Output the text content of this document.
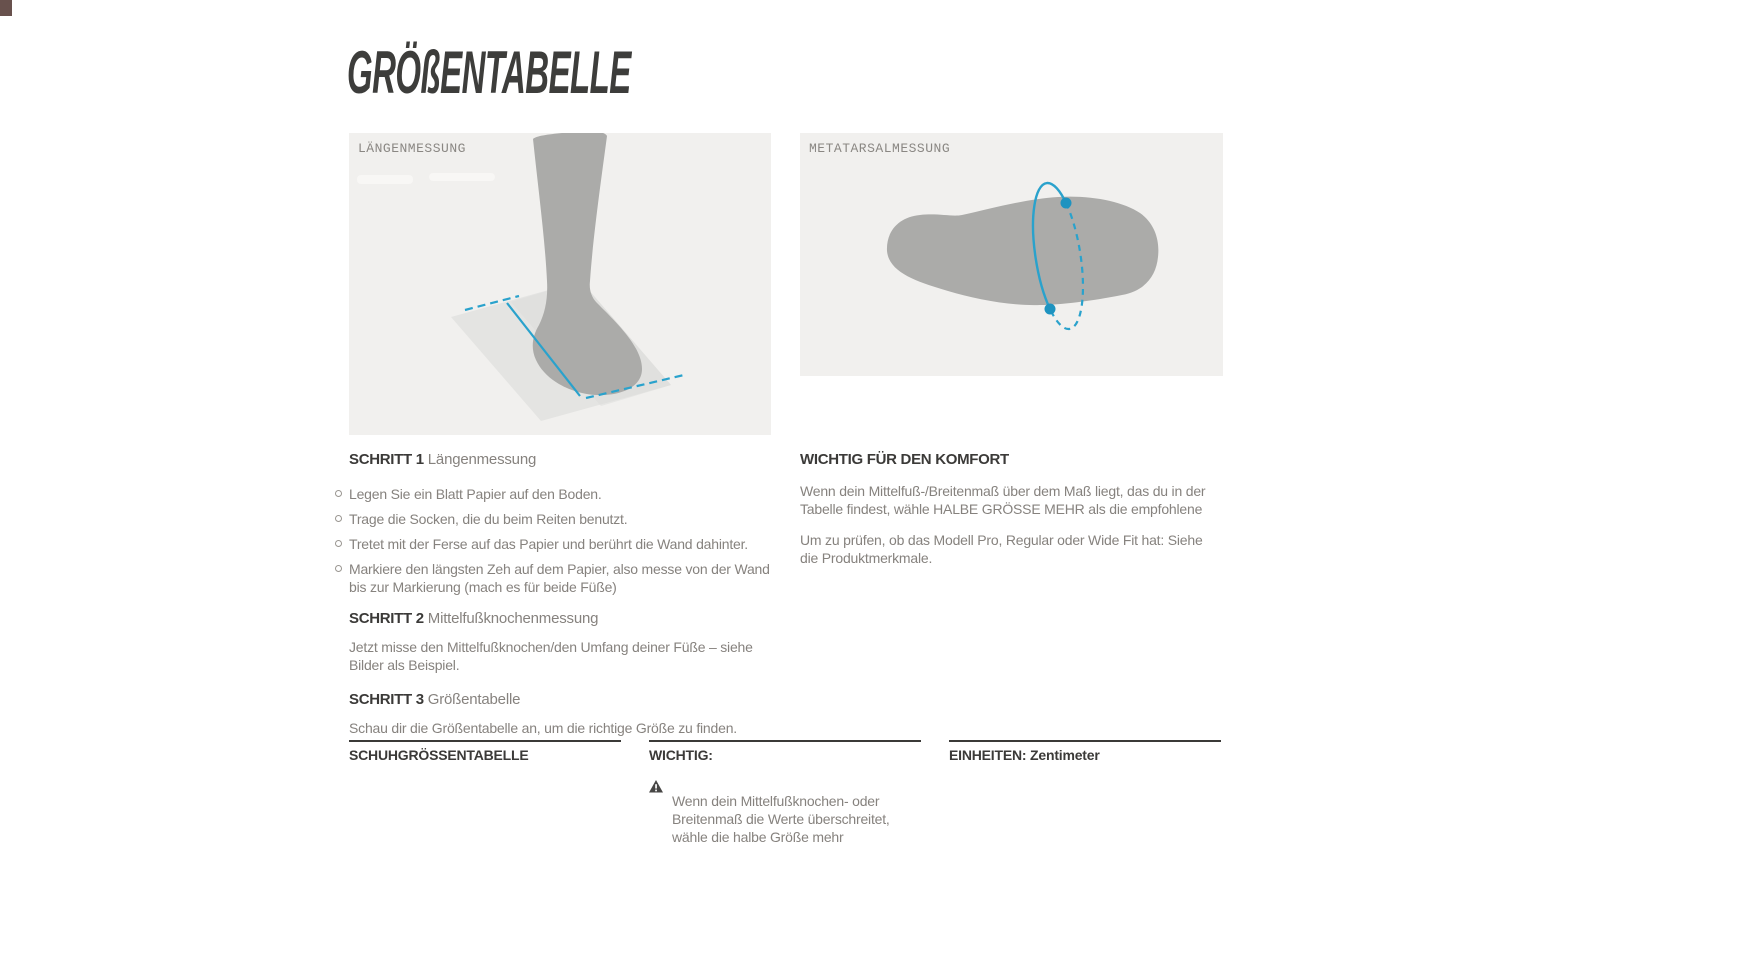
GRÖßENTABELLE

LÄNGENMESSUNG	METATARSALMESSUNG

SCHRITT 1 Längenmessung

Legen Sie ein Blatt Papier auf den Boden.
Trage die Socken, die du beim Reiten benutzt.
Tretet mit der Ferse auf das Papier und berührt die Wand dahinter.
Markiere den längsten Zeh auf dem Papier, also messe von der Wand bis zur Markierung (mach es für beide Füße)

SCHRITT 2 Mittelfußknochenmessung

Jetzt misse den Mittelfußknochen/den Umfang deiner Füße – siehe Bilder als Beispiel.

SCHRITT 3 Größentabelle

Schau dir die Größentabelle an, um die richtige Größe zu finden.

WICHTIG FÜR DEN KOMFORT

Wenn dein Mittelfuß-/Breitenmaß über dem Maß liegt, das du in der Tabelle findest, wähle HALBE GRÖSSE MEHR als die empfohlene

Um zu prüfen, ob das Modell Pro, Regular oder Wide Fit hat: Siehe die Produktmerkmale.

SCHUHGRÖSSENTABELLE	WICHTIG:

Wenn dein Mittelfußknochen- oder Breitenmaß die Werte überschreitet, wähle die halbe Größe mehr

EINHEITEN: Zentimeter
